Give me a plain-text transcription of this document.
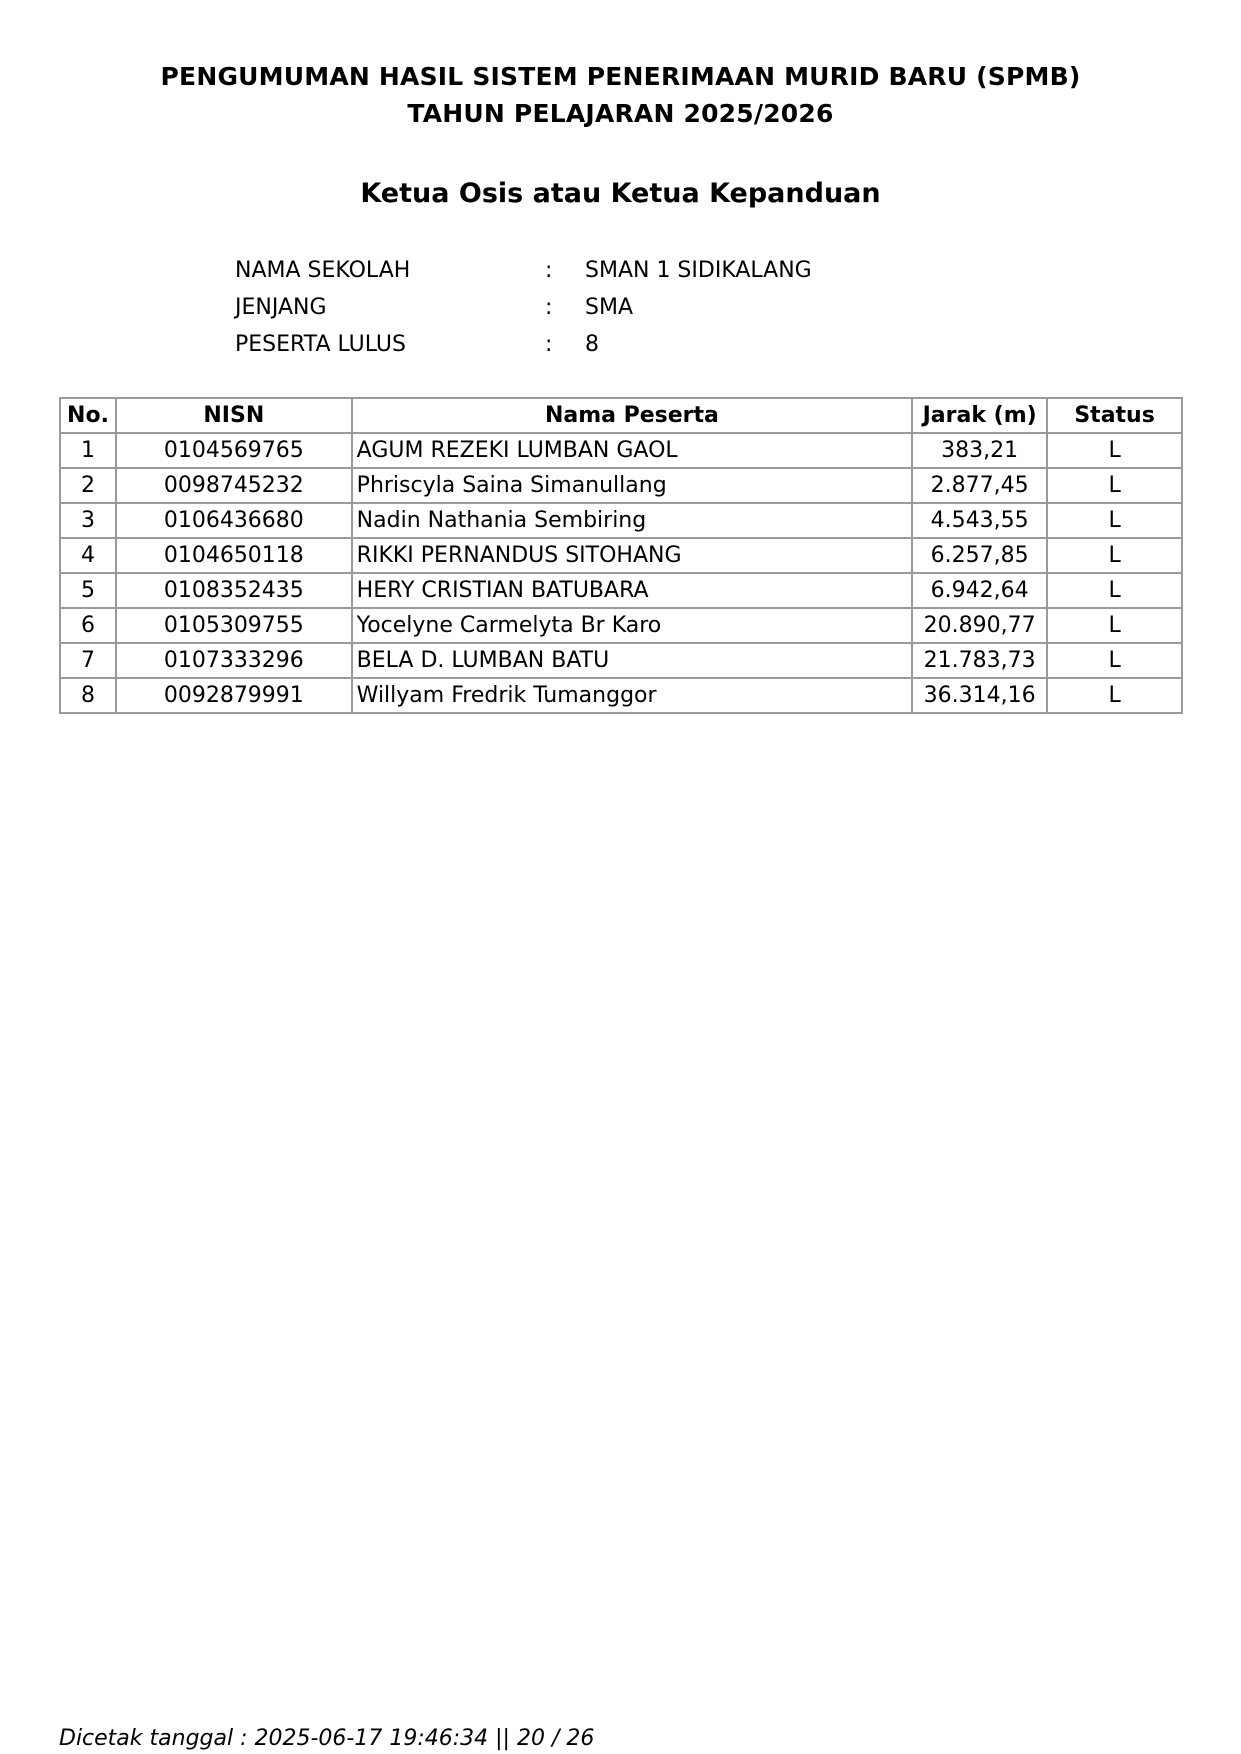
PENGUMUMAN HASIL SISTEM PENERIMAAN MURID BARU (SPMB)
TAHUN PELAJARAN 2025/2026
Ketua Osis atau Ketua Kepanduan
NAMA SEKOLAH	:	SMAN 1 SIDIKALANG
JENJANG	:	SMA
PESERTA LULUS	:	8
No.	NISN	Nama Peserta	Jarak (m)	Status
1	0104569765	AGUM REZEKI LUMBAN GAOL	383,21	L
2	0098745232	Phriscyla Saina Simanullang	2.877,45	L
3	0106436680	Nadin Nathania Sembiring	4.543,55	L
4	0104650118	RIKKI PERNANDUS SITOHANG	6.257,85	L
5	0108352435	HERY CRISTIAN BATUBARA	6.942,64	L
6	0105309755	Yocelyne Carmelyta Br Karo	20.890,77	L
7	0107333296	BELA D. LUMBAN BATU	21.783,73	L
8	0092879991	Willyam Fredrik Tumanggor	36.314,16	L
Dicetak tanggal : 2025-06-17 19:46:34 || 20 / 26
